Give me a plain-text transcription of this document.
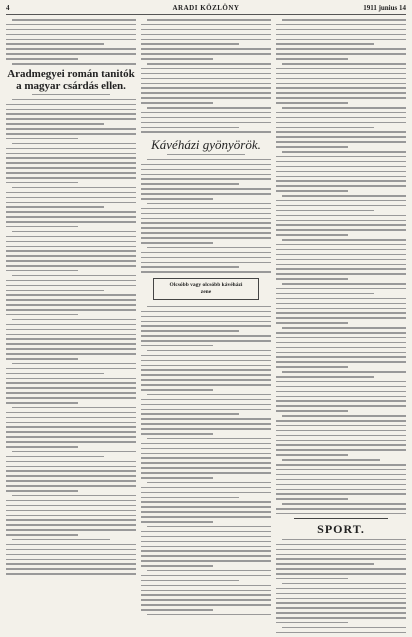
4	ARADI KÖZLÖNY	1911 junius 14
Aradmegyei román tanitók a magyar csárdás ellen.
Kávéházi gyönyörök.
Olcsóbb vagy olcsóbb kávéházi
zene
SPORT.
